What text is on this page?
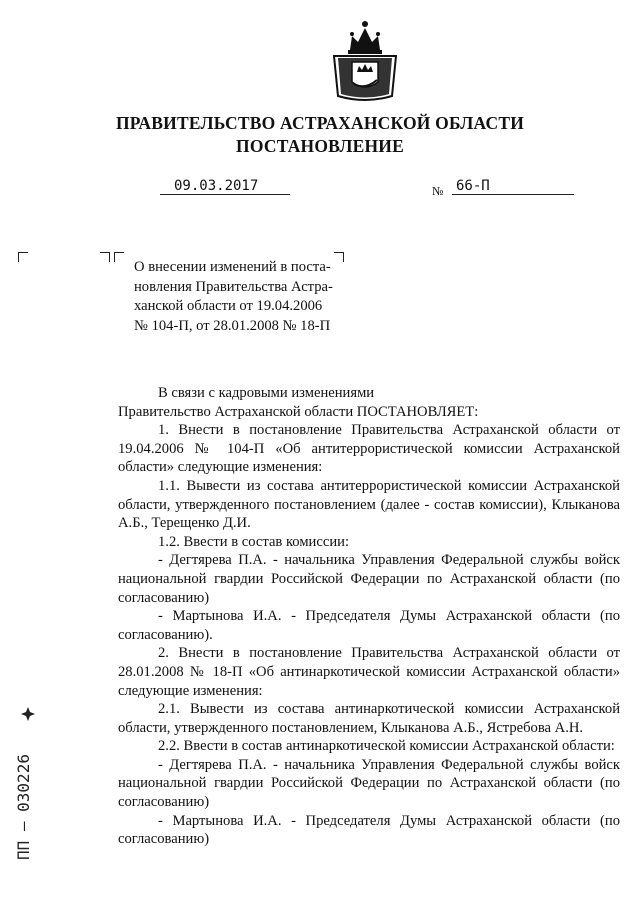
ПРАВИТЕЛЬСТВО АСТРАХАНСКОЙ ОБЛАСТИ
ПОСТАНОВЛЕНИЕ
09.03.2017	№ 66-П
О внесении изменений в поста-
новления Правительства Астра-
ханской области от 19.04.2006
№ 104-П, от 28.01.2008 № 18-П

В связи с кадровыми изменениями

Правительство Астраханской области ПОСТАНОВЛЯЕТ:

1. Внести в постановление Правительства Астраханской области от 19.04.2006 № 104-П «Об антитеррористической комиссии Астраханской области» следующие изменения:

1.1. Вывести из состава антитеррористической комиссии Астраханской области, утвержденного постановлением (далее - состав комиссии), Клыканова А.Б., Терещенко Д.И.

1.2. Ввести в состав комиссии:

- Дегтярева П.А. - начальника Управления Федеральной службы войск национальной гвардии Российской Федерации по Астраханской области (по согласованию)

- Мартынова И.А. - Председателя Думы Астраханской области (по согласованию).

2. Внести в постановление Правительства Астраханской области от 28.01.2008 № 18-П «Об антинаркотической комиссии Астраханской области» следующие изменения:

2.1. Вывести из состава антинаркотической комиссии Астраханской области, утвержденного постановлением, Клыканова А.Б., Ястребова А.Н.

2.2. Ввести в состав антинаркотической комиссии Астраханской области:

- Дегтярева П.А. - начальника Управления Федеральной службы войск национальной гвардии Российской Федерации по Астраханской области (по согласованию)

- Мартынова И.А. - Председателя Думы Астраханской области (по согласованию)

ПП – 030226
